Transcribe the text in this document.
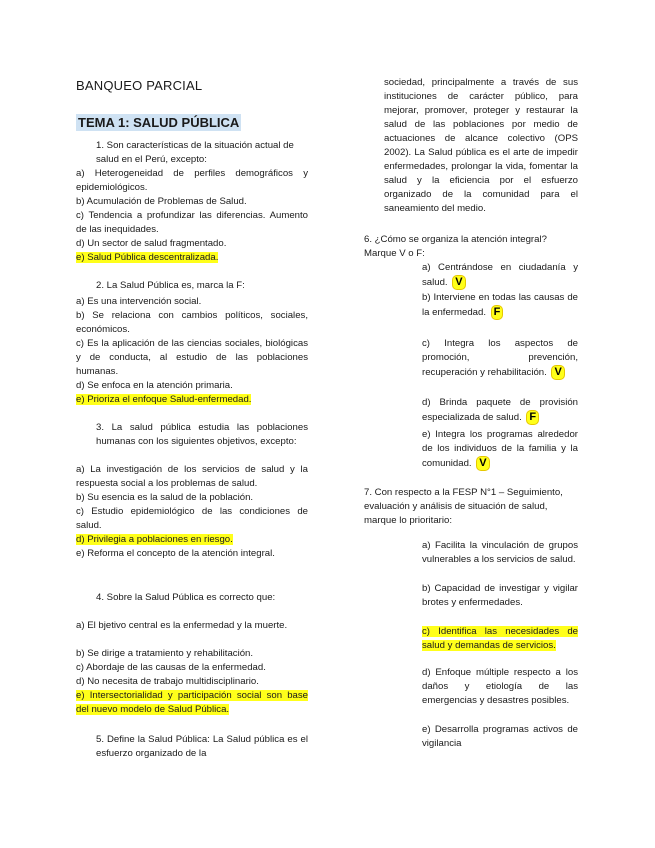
BANQUEO PARCIAL
TEMA 1: SALUD PÚBLICA
1. Son características de la situación actual de salud en el Perú, excepto:
a) Heterogeneidad de perfiles demográficos y epidemiológicos.
b) Acumulación de Problemas de Salud.
c) Tendencia a profundizar las diferencias. Aumento de las inequidades.
d) Un sector de salud fragmentado.
e) Salud Pública descentralizada.
2. La Salud Pública es, marca la F:
a) Es una intervención social.
b) Se relaciona con cambios políticos, sociales, económicos.
c) Es la aplicación de las ciencias sociales, biológicas y de conducta, al estudio de las poblaciones humanas.
d) Se enfoca en la atención primaria.
e) Prioriza el enfoque Salud-enfermedad.
3. La salud pública estudia las poblaciones humanas con los siguientes objetivos, excepto:
a) La investigación de los servicios de salud y la respuesta social a los problemas de salud.
b) Su esencia es la salud de la población.
c) Estudio epidemiológico de las condiciones de salud.
d) Privilegia a poblaciones en riesgo.
e) Reforma el concepto de la atención integral.
4. Sobre la Salud Pública es correcto que:
a) El bjetivo central es la enfermedad y la muerte.
b) Se dirige a tratamiento y rehabilitación.
c) Abordaje de las causas de la enfermedad.
d) No necesita de trabajo multidisciplinario.
e) Intersectorialidad y participación social son base del nuevo modelo de Salud Pública.
5. Define la Salud Pública: La Salud pública es el esfuerzo organizado de la
sociedad, principalmente a través de sus instituciones de carácter público, para mejorar, promover, proteger y restaurar la salud de las poblaciones por medio de actuaciones de alcance colectivo (OPS 2002). La Salud pública es el arte de impedir enfermedades, prolongar la vida, fomentar la salud y la eficiencia por el esfuerzo organizado de la comunidad para el saneamiento del medio.
6. ¿Cómo se organiza la atención integral? Marque V o F:
a) Centrándose en ciudadanía y salud. V
b) Interviene en todas las causas de la enfermedad. F
c) Integra los aspectos de promoción, prevención, recuperación y rehabilitación. V
d) Brinda paquete de provisión especializada de salud. F
e) Integra los programas alrededor de los individuos de la familia y la comunidad. V
7. Con respecto a la FESP N°1 – Seguimiento, evaluación y análisis de situación de salud, marque lo prioritario:
a) Facilita la vinculación de grupos vulnerables a los servicios de salud.
b) Capacidad de investigar y vigilar brotes y enfermedades.
c) Identifica las necesidades de salud y demandas de servicios.
d) Enfoque múltiple respecto a los daños y etiología de las emergencias y desastres posibles.
e) Desarrolla programas activos de vigilancia
